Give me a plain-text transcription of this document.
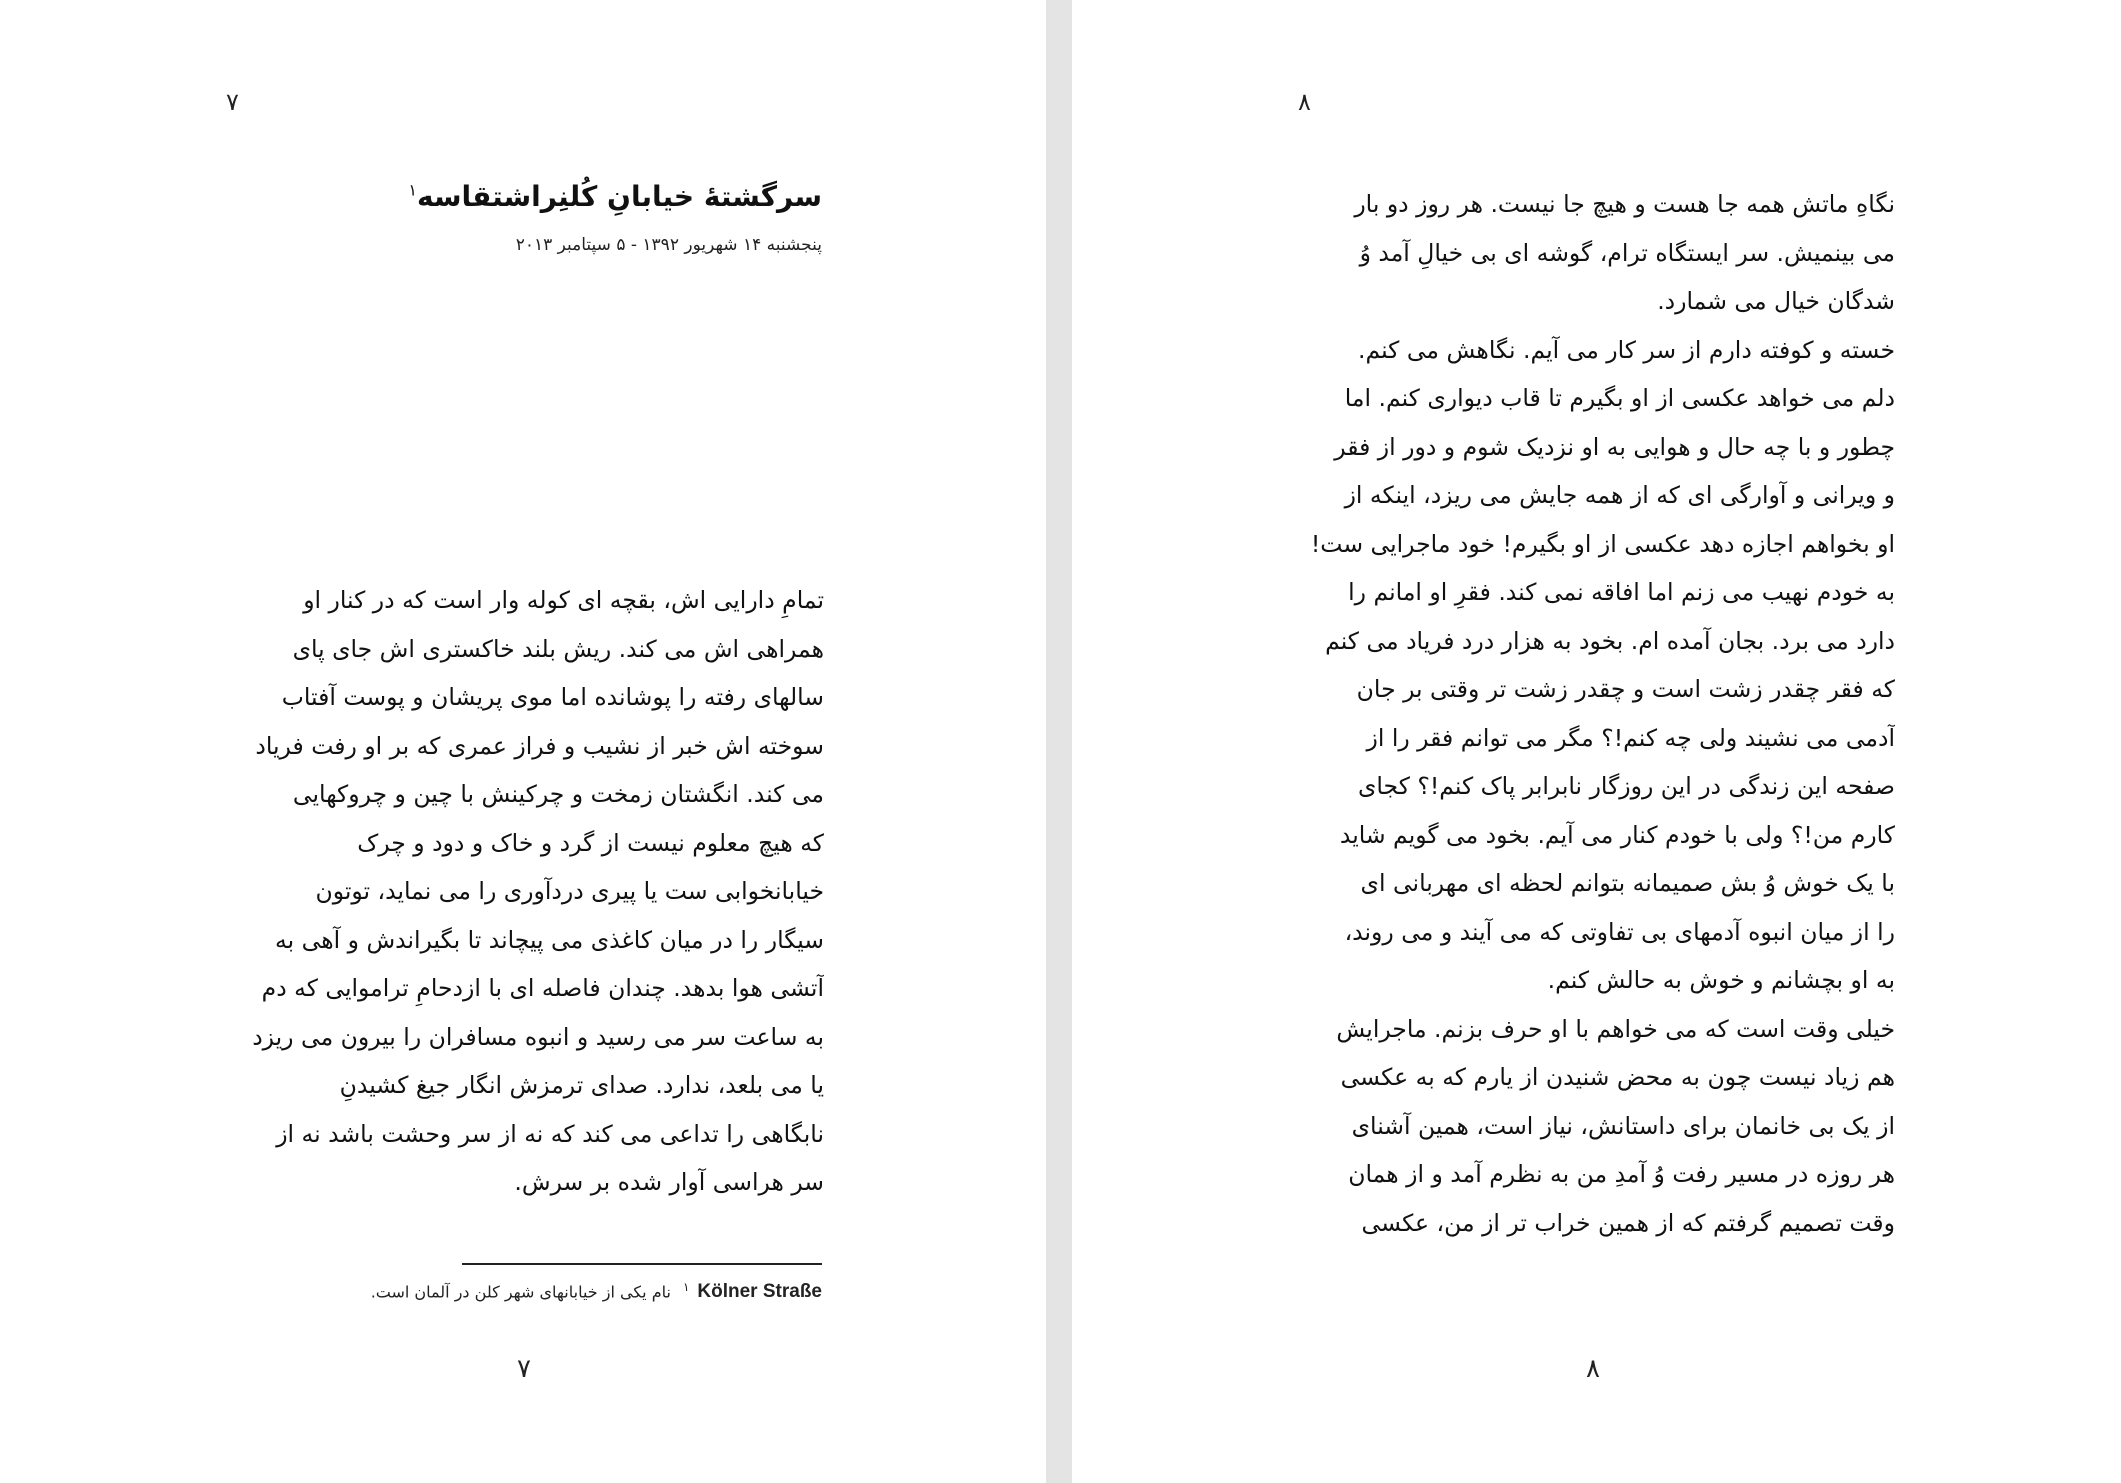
۷
سرگشتهٔ خیابانِ کُلنِراشتقاسه$^۱$
پنجشنبه ۱۴ شهریور ۱۳۹۲ - ۵ سپتامبر ۲۰۱۳
تمامِ دارایی اش، بقچه ای کوله وار است که در کنار او
همراهی اش می کند. ریش بلند خاکستری اش جای پای
سالهای رفته را پوشانده اما موی پریشان و پوست آفتاب
سوخته اش خبر از نشیب و فراز عمری که بر او رفت فریاد
می کند. انگشتان زمخت و چرکینش با چین و چروکهایی
که هیچ معلوم نیست از گرد و خاک و دود و چرک
خیابانخوابی ست یا پیری دردآوری را می نماید، توتون
سیگار را در میان کاغذی می پیچاند تا بگیراندش و آهی به
آتشی هوا بدهد. چندان فاصله ای با ازدحامِ تراموایی که دم
به ساعت سر می رسید و انبوه مسافران را بیرون می ریزد
یا می بلعد، ندارد. صدای ترمزش انگار جیغ کشیدنِ
نابگاهی را تداعی می کند که نه از سر وحشت باشد نه از
سر هراسی آوار شده بر سرش.
$^۱$ Kölner Straßeنام یکی از خیابانهای شهر کلن در آلمان است.
۷
۸
نگاهِ ماتش همه جا هست و هیچ جا نیست. هر روز دو بار
می بینمیش. سر ایستگاه ترام، گوشه ای بی خیالِ آمد وُ
شدگان خیال می شمارد.
خسته و کوفته دارم از سر کار می آیم. نگاهش می کنم.
دلم می خواهد عکسی از او بگیرم تا قاب دیواری کنم. اما
چطور و با چه حال و هوایی به او نزدیک شوم و دور از فقر
و ویرانی و آوارگی ای که از همه جایش می ریزد، اینکه از
او بخواهم اجازه دهد عکسی از او بگیرم! خود ماجرایی ست!
به خودم نهیب می زنم اما افاقه نمی کند. فقرِ او امانم را
دارد می برد. بجان آمده ام. بخود به هزار درد فریاد می کنم
که فقر چقدر زشت است و چقدر زشت تر وقتی بر جان
آدمی می نشیند ولی چه کنم!؟ مگر می توانم فقر را از
صفحه این زندگی در این روزگار نابرابر پاک کنم!؟ کجای
کارم من!؟ ولی با خودم کنار می آیم. بخود می گویم شاید
با یک خوش وُ بش صمیمانه بتوانم لحظه ای مهربانی ای
را از میان انبوه آدمهای بی تفاوتی که می آیند و می روند،
به او بچشانم و خوش به حالش کنم.
خیلی وقت است که می خواهم با او حرف بزنم. ماجرایش
هم زیاد نیست چون به محض شنیدن از یارم که به عکسی
از یک بی خانمان برای داستانش، نیاز است، همین آشنای
هر روزه در مسیر رفت وُ آمدِ من به نظرم آمد و از همان
وقت تصمیم گرفتم که از همین خراب تر از من، عکسی
۸
